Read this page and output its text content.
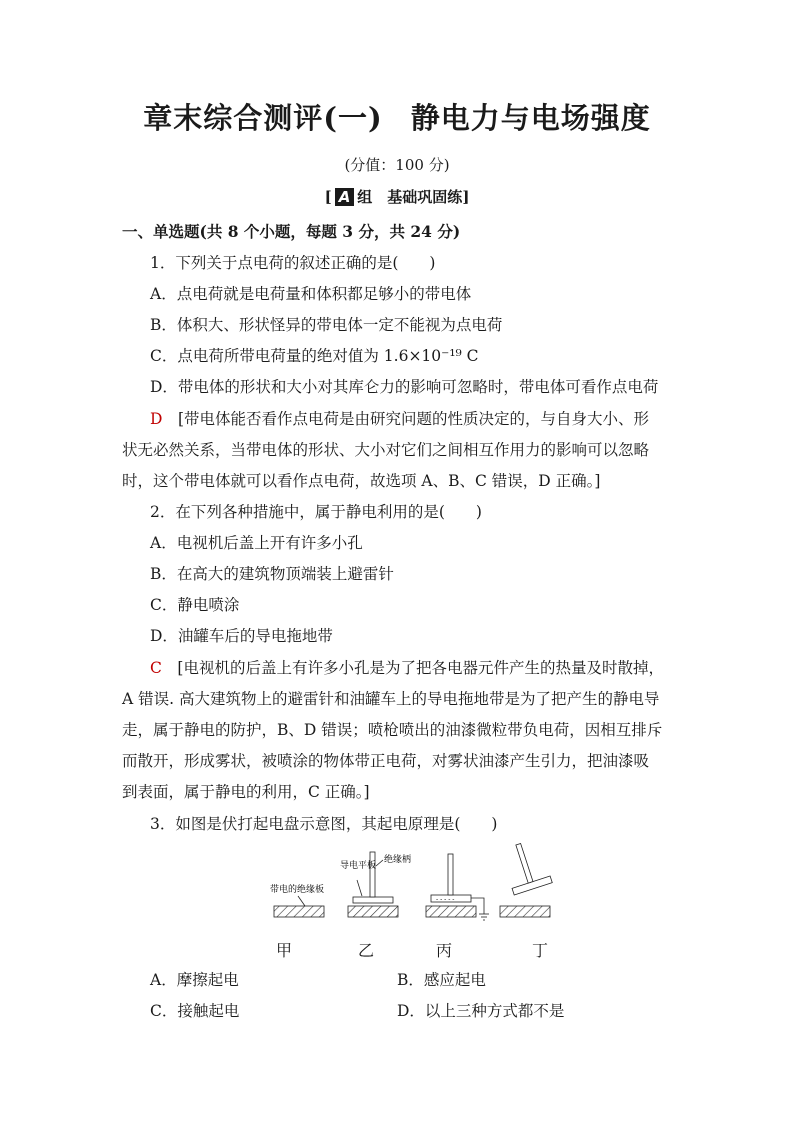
章末综合测评(一) 静电力与电场强度
(分值：100 分)
[ A 组　基础巩固练]
一、单选题(共 8 个小题，每题 3 分，共 24 分)
1．下列关于点电荷的叙述正确的是(　　)
A．点电荷就是电荷量和体积都足够小的带电体
B．体积大、形状怪异的带电体一定不能视为点电荷
C．点电荷所带电荷量的绝对值为 1.6×10⁻¹⁹ C
D．带电体的形状和大小对其库仑力的影响可忽略时，带电体可看作点电荷
D　 [带电体能否看作点电荷是由研究问题的性质决定的，与自身大小、形
状无必然关系，当带电体的形状、大小对它们之间相互作用力的影响可以忽略
时，这个带电体就可以看作点电荷，故选项 A、B、C 错误，D 正确。]
2．在下列各种措施中，属于静电利用的是(　　)
A．电视机后盖上开有许多小孔
B．在高大的建筑物顶端装上避雷针
C．静电喷涂
D．油罐车后的导电拖地带
C　 [电视机的后盖上有许多小孔是为了把各电器元件产生的热量及时散掉，
A 错误. 高大建筑物上的避雷针和油罐车上的导电拖地带是为了把产生的静电导
走，属于静电的防护，B、D 错误；喷枪喷出的油漆微粒带负电荷，因相互排斥
而散开，形成雾状，被喷涂的物体带正电荷，对雾状油漆产生引力，把油漆吸
到表面，属于静电的利用，C 正确。]
3．如图是伏打起电盘示意图，其起电原理是(　　)
带电的绝缘板
导电平板
绝缘柄
- - - - -
甲	乙	丙	丁
A．摩擦起电	B．感应起电
C．接触起电	D．以上三种方式都不是
